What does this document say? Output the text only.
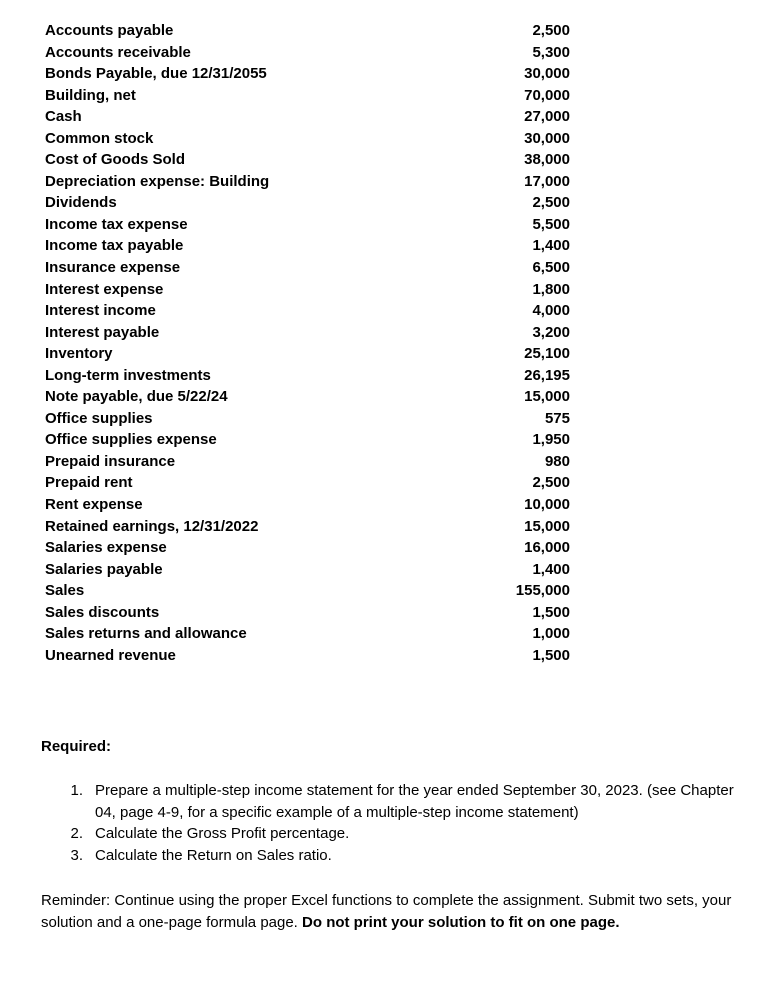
Accounts payable	2,500
Accounts receivable	5,300
Bonds Payable, due 12/31/2055	30,000
Building, net	70,000
Cash	27,000
Common stock	30,000
Cost of Goods Sold	38,000
Depreciation expense: Building	17,000
Dividends	2,500
Income tax expense	5,500
Income tax payable	1,400
Insurance expense	6,500
Interest expense	1,800
Interest income	4,000
Interest payable	3,200
Inventory	25,100
Long-term investments	26,195
Note payable, due 5/22/24	15,000
Office supplies	575
Office supplies expense	1,950
Prepaid insurance	980
Prepaid rent	2,500
Rent expense	10,000
Retained earnings, 12/31/2022	15,000
Salaries expense	16,000
Salaries payable	1,400
Sales	155,000
Sales discounts	1,500
Sales returns and allowance	1,000
Unearned revenue	1,500
Required:
1. Prepare a multiple-step income statement for the year ended September 30, 2023. (see Chapter 04, page 4-9, for a specific example of a multiple-step income statement)
2. Calculate the Gross Profit percentage.
3. Calculate the Return on Sales ratio.
Reminder: Continue using the proper Excel functions to complete the assignment. Submit two sets, your solution and a one-page formula page. Do not print your solution to fit on one page.
